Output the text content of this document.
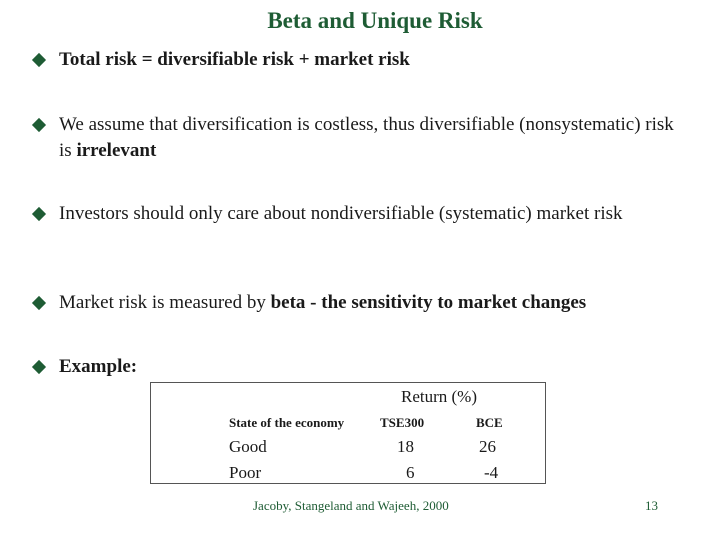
Beta and Unique Risk
Total risk = diversifiable risk + market risk
We assume that diversification is costless, thus diversifiable (nonsystematic) risk is irrelevant
Investors should only care about nondiversifiable (systematic) market risk
Market risk is measured by beta - the sensitivity to market changes
Example:
Return (%)
State of the economy	TSE300	BCE
Good	18	26
Poor	6	-4
Jacoby, Stangeland and Wajeeh, 2000	13
